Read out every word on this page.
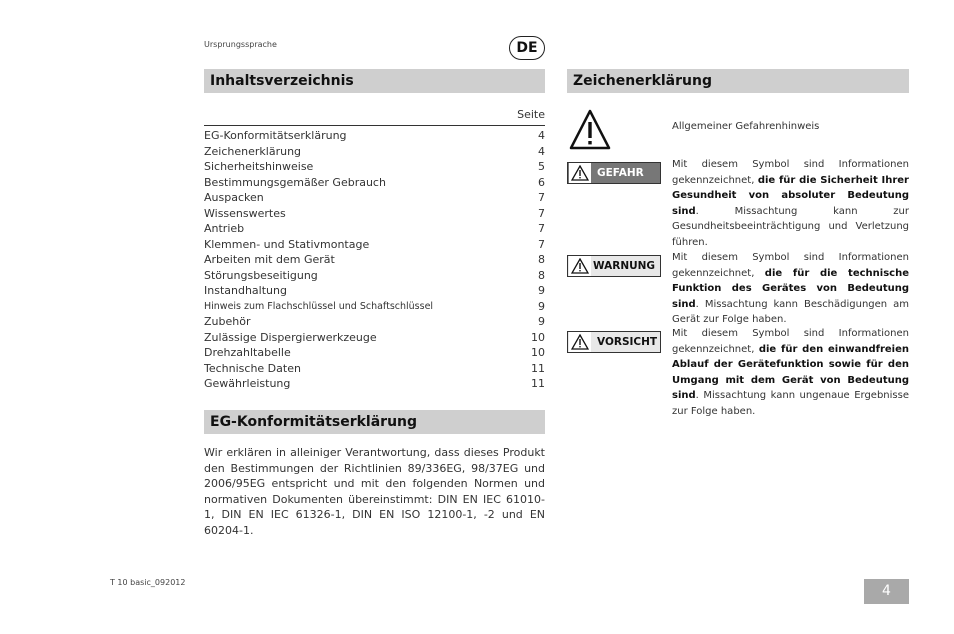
Ursprungssprache	DE
Inhaltsverzeichnis
Seite
EG-Konformitätserklärung	4
Zeichenerklärung	4
Sicherheitshinweise	5
Bestimmungsgemäßer Gebrauch	6
Auspacken	7
Wissenswertes	7
Antrieb	7
Klemmen- und Stativmontage	7
Arbeiten mit dem Gerät	8
Störungsbeseitigung	8
Instandhaltung	9
Hinweis zum Flachschlüssel und Schaftschlüssel	9
Zubehör	9
Zulässige Dispergierwerkzeuge	10
Drehzahltabelle	10
Technische Daten	11
Gewährleistung	11
EG-Konformitätserklärung
Wir erklären in alleiniger Verantwortung, dass dieses Produkt den Bestimmungen der Richtlinien 89/336EG, 98/37EG und 2006/95EG entspricht und mit den folgenden Normen und normativen Dokumenten übereinstimmt: DIN EN IEC 61010-1, DIN EN IEC 61326-1, DIN EN ISO 12100-1, -2 und EN 60204-1.
Zeichenerklärung
Allgemeiner Gefahrenhinweis
GEFAHR
Mit diesem Symbol sind Informationen gekennzeichnet, die für die Sicherheit Ihrer Gesundheit von absoluter Bedeutung sind. Missachtung kann zur Gesundheitsbeeinträchtigung und Verletzung führen.
WARNUNG
Mit diesem Symbol sind Informationen gekennzeichnet, die für die technische Funktion des Gerätes von Bedeutung sind. Missachtung kann Beschädigungen am Gerät zur Folge haben.
VORSICHT
Mit diesem Symbol sind Informationen gekennzeichnet, die für den einwandfreien Ablauf der Gerätefunktion sowie für den Umgang mit dem Gerät von Bedeutung sind. Missachtung kann ungenaue Ergebnisse zur Folge haben.
T 10 basic_092012
4
